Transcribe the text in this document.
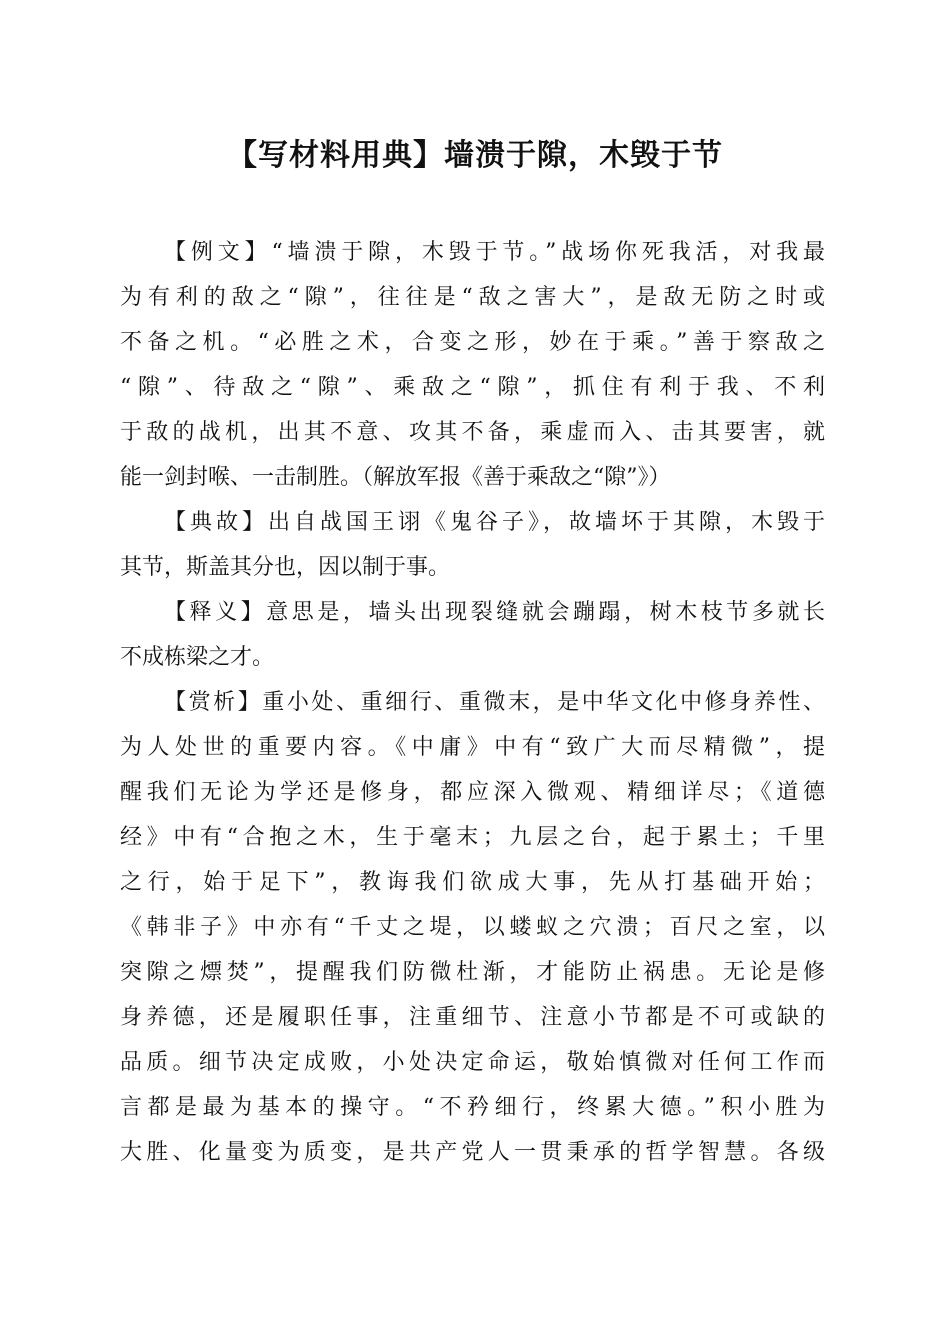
【写材料用典】墙溃于隙，木毁于节
【例文】“墙溃于隙，木毁于节。”战场你死我活，对我最
为有利的敌之“隙”，往往是“敌之害大”，是敌无防之时或
不备之机。“必胜之术，合变之形，妙在于乘。”善于察敌之
“隙”、待敌之“隙”、乘敌之“隙”，抓住有利于我、不利
于敌的战机，出其不意、攻其不备，乘虚而入、击其要害，就
能一剑封喉、一击制胜。（解放军报《善于乘敌之“隙”》）
【典故】出自战国王诩《鬼谷子》，故墙坏于其隙，木毁于
其节，斯盖其分也，因以制于事。
【释义】意思是，墙头出现裂缝就会蹦蹋，树木枝节多就长
不成栋梁之才。
【赏析】重小处、重细行、重微末，是中华文化中修身养性、
为人处世的重要内容。《中庸》中有“致广大而尽精微”，提
醒我们无论为学还是修身，都应深入微观、精细详尽；《道德
经》中有“合抱之木，生于毫末；九层之台，起于累土；千里
之行，始于足下”，教诲我们欲成大事，先从打基础开始；
《韩非子》中亦有“千丈之堤，以蝼蚁之穴溃；百尺之室，以
突隙之熛焚”，提醒我们防微杜渐，才能防止祸患。无论是修
身养德，还是履职任事，注重细节、注意小节都是不可或缺的
品质。细节决定成败，小处决定命运，敬始慎微对任何工作而
言都是最为基本的操守。“不矜细行，终累大德。”积小胜为
大胜、化量变为质变，是共产党人一贯秉承的哲学智慧。各级
